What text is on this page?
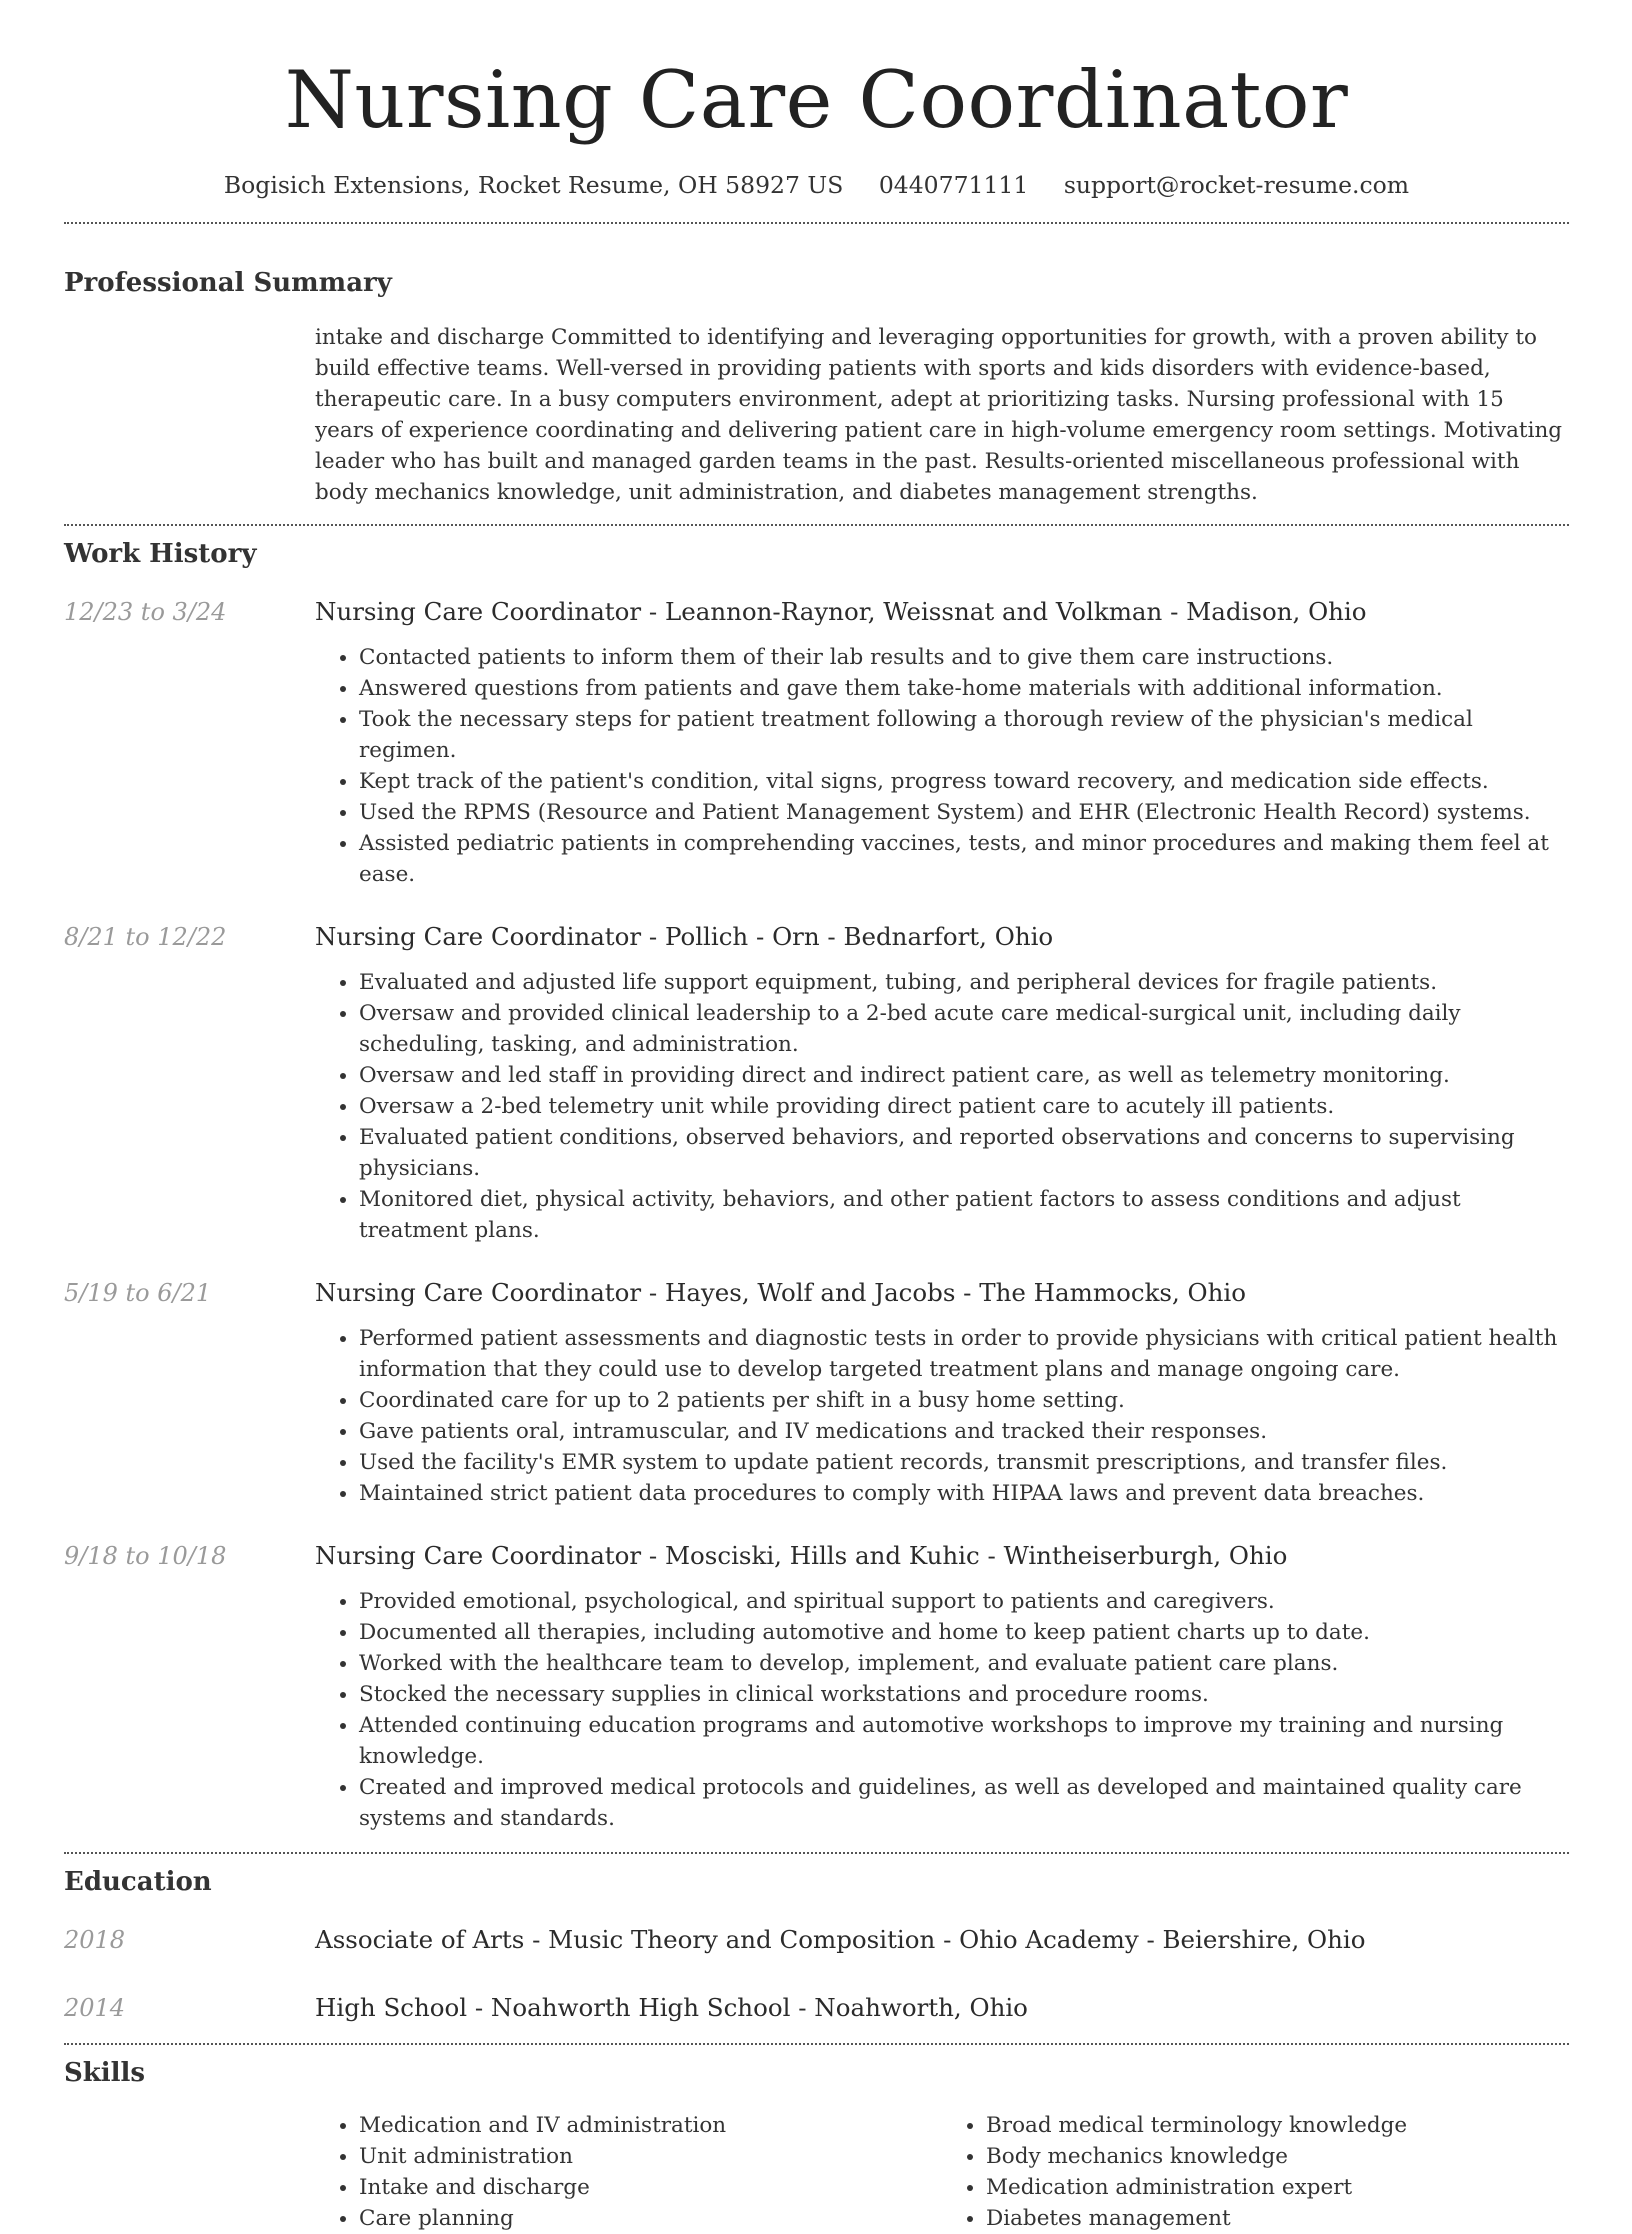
Nursing Care Coordinator
Bogisich Extensions, Rocket Resume, OH 58927 US 0440771111 support@rocket-resume.com
Professional Summary
intake and discharge Committed to identifying and leveraging opportunities for growth, with a proven ability to build effective teams. Well-versed in providing patients with sports and kids disorders with evidence-based, therapeutic care. In a busy computers environment, adept at prioritizing tasks. Nursing professional with 15 years of experience coordinating and delivering patient care in high-volume emergency room settings. Motivating leader who has built and managed garden teams in the past. Results-oriented miscellaneous professional with body mechanics knowledge, unit administration, and diabetes management strengths.
Work History
12/23 to 3/24	Nursing Care Coordinator - Leannon-Raynor, Weissnat and Volkman - Madison, Ohio
• Contacted patients to inform them of their lab results and to give them care instructions.
• Answered questions from patients and gave them take-home materials with additional information.
• Took the necessary steps for patient treatment following a thorough review of the physician's medical regimen.
• Kept track of the patient's condition, vital signs, progress toward recovery, and medication side effects.
• Used the RPMS (Resource and Patient Management System) and EHR (Electronic Health Record) systems.
• Assisted pediatric patients in comprehending vaccines, tests, and minor procedures and making them feel at ease.
8/21 to 12/22	Nursing Care Coordinator - Pollich - Orn - Bednarfort, Ohio
• Evaluated and adjusted life support equipment, tubing, and peripheral devices for fragile patients.
• Oversaw and provided clinical leadership to a 2-bed acute care medical-surgical unit, including daily scheduling, tasking, and administration.
• Oversaw and led staff in providing direct and indirect patient care, as well as telemetry monitoring.
• Oversaw a 2-bed telemetry unit while providing direct patient care to acutely ill patients.
• Evaluated patient conditions, observed behaviors, and reported observations and concerns to supervising physicians.
• Monitored diet, physical activity, behaviors, and other patient factors to assess conditions and adjust treatment plans.
5/19 to 6/21	Nursing Care Coordinator - Hayes, Wolf and Jacobs - The Hammocks, Ohio
• Performed patient assessments and diagnostic tests in order to provide physicians with critical patient health information that they could use to develop targeted treatment plans and manage ongoing care.
• Coordinated care for up to 2 patients per shift in a busy home setting.
• Gave patients oral, intramuscular, and IV medications and tracked their responses.
• Used the facility's EMR system to update patient records, transmit prescriptions, and transfer files.
• Maintained strict patient data procedures to comply with HIPAA laws and prevent data breaches.
9/18 to 10/18	Nursing Care Coordinator - Mosciski, Hills and Kuhic - Wintheiserburgh, Ohio
• Provided emotional, psychological, and spiritual support to patients and caregivers.
• Documented all therapies, including automotive and home to keep patient charts up to date.
• Worked with the healthcare team to develop, implement, and evaluate patient care plans.
• Stocked the necessary supplies in clinical workstations and procedure rooms.
• Attended continuing education programs and automotive workshops to improve my training and nursing knowledge.
• Created and improved medical protocols and guidelines, as well as developed and maintained quality care systems and standards.
Education
2018	Associate of Arts - Music Theory and Composition - Ohio Academy - Beiershire, Ohio
2014	High School - Noahworth High School - Noahworth, Ohio
Skills
• Medication and IV administration
• Unit administration
• Intake and discharge
• Care planning
• Broad medical terminology knowledge
• Body mechanics knowledge
• Medication administration expert
• Diabetes management
